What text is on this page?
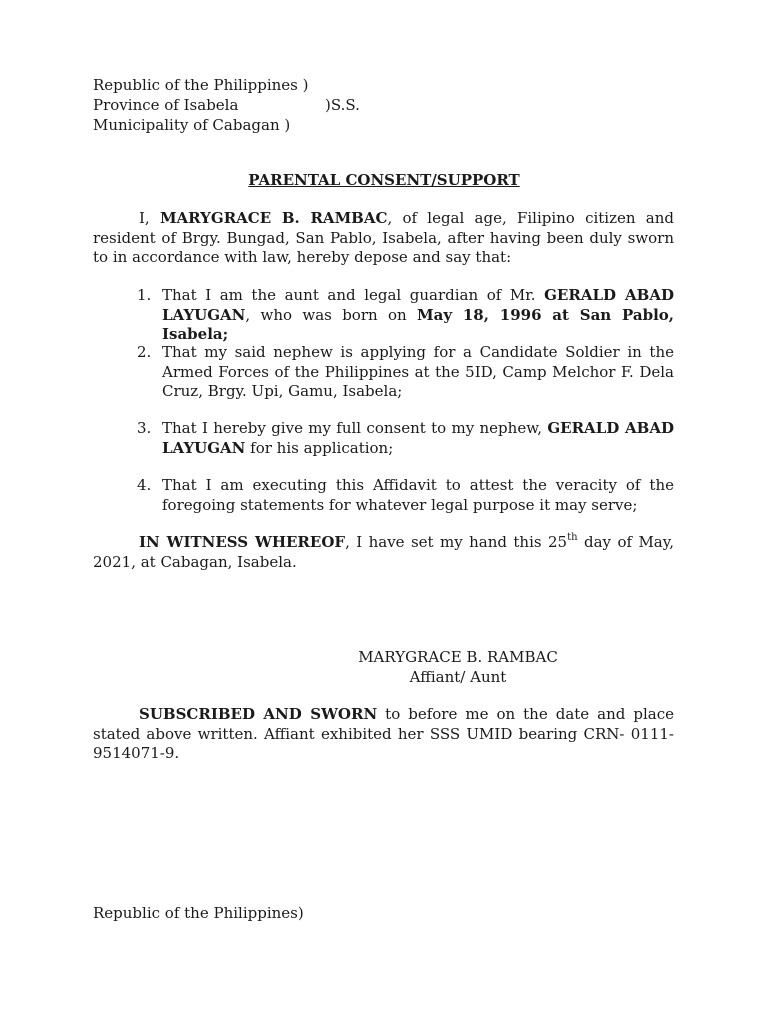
Republic of the Philippines )
Province of Isabela	)S.S.
Municipality of Cabagan )
PARENTAL CONSENT/SUPPORT
I, MARYGRACE B. RAMBAC, of legal age, Filipino citizen and resident of Brgy. Bungad, San Pablo, Isabela, after having been duly sworn to in accordance with law, hereby depose and say that:
1. That I am the aunt and legal guardian of Mr. GERALD ABAD LAYUGAN, who was born on May 18, 1996 at San Pablo, Isabela;
2. That my said nephew is applying for a Candidate Soldier in the Armed Forces of the Philippines at the 5ID, Camp Melchor F. Dela Cruz, Brgy. Upi, Gamu, Isabela;
3. That I hereby give my full consent to my nephew, GERALD ABAD LAYUGAN for his application;
4. That I am executing this Affidavit to attest the veracity of the foregoing statements for whatever legal purpose it may serve;
IN WITNESS WHEREOF, I have set my hand this 25th day of May, 2021, at Cabagan, Isabela.
MARYGRACE B. RAMBAC
Affiant/ Aunt
SUBSCRIBED AND SWORN to before me on the date and place stated above written. Affiant exhibited her SSS UMID bearing CRN- 0111-9514071-9.
Republic of the Philippines)
